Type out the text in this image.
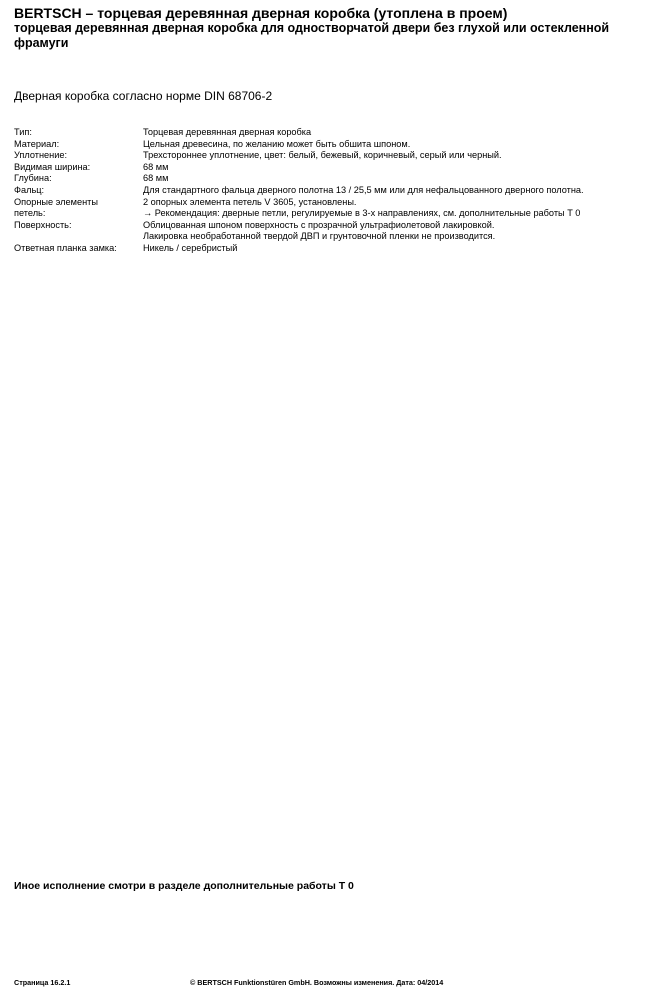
BERTSCH – торцевая деревянная дверная коробка (утоплена в проем)
торцевая деревянная дверная коробка для одностворчатой двери без глухой или остекленной фрамуги
Дверная коробка согласно норме DIN 68706-2
Тип:	Торцевая деревянная дверная коробка
Материал:	Цельная древесина, по желанию может быть обшита шпоном.
Уплотнение:	Трехстороннее уплотнение, цвет: белый, бежевый, коричневый, серый или черный.
Видимая ширина:	68 мм
Глубина:	68 мм
Фальц:	Для стандартного фальца дверного полотна 13 / 25,5 мм или для нефальцованного дверного полотна.
Опорные элементы	2 опорных элемента петель V 3605, установлены.
петель:	→ Рекомендация: дверные петли, регулируемые в 3-х направлениях, см. дополнительные работы T 0
Поверхность:	Облицованная шпоном поверхность с прозрачной ультрафиолетовой лакировкой.
Лакировка необработанной твердой ДВП и грунтовочной пленки не производится.
Ответная планка замка:	Никель / серебристый
Иное исполнение смотри в разделе дополнительные работы T 0
Страница 16.2.1	© BERTSCH Funktionstüren GmbH. Возможны изменения. Дата: 04/2014
